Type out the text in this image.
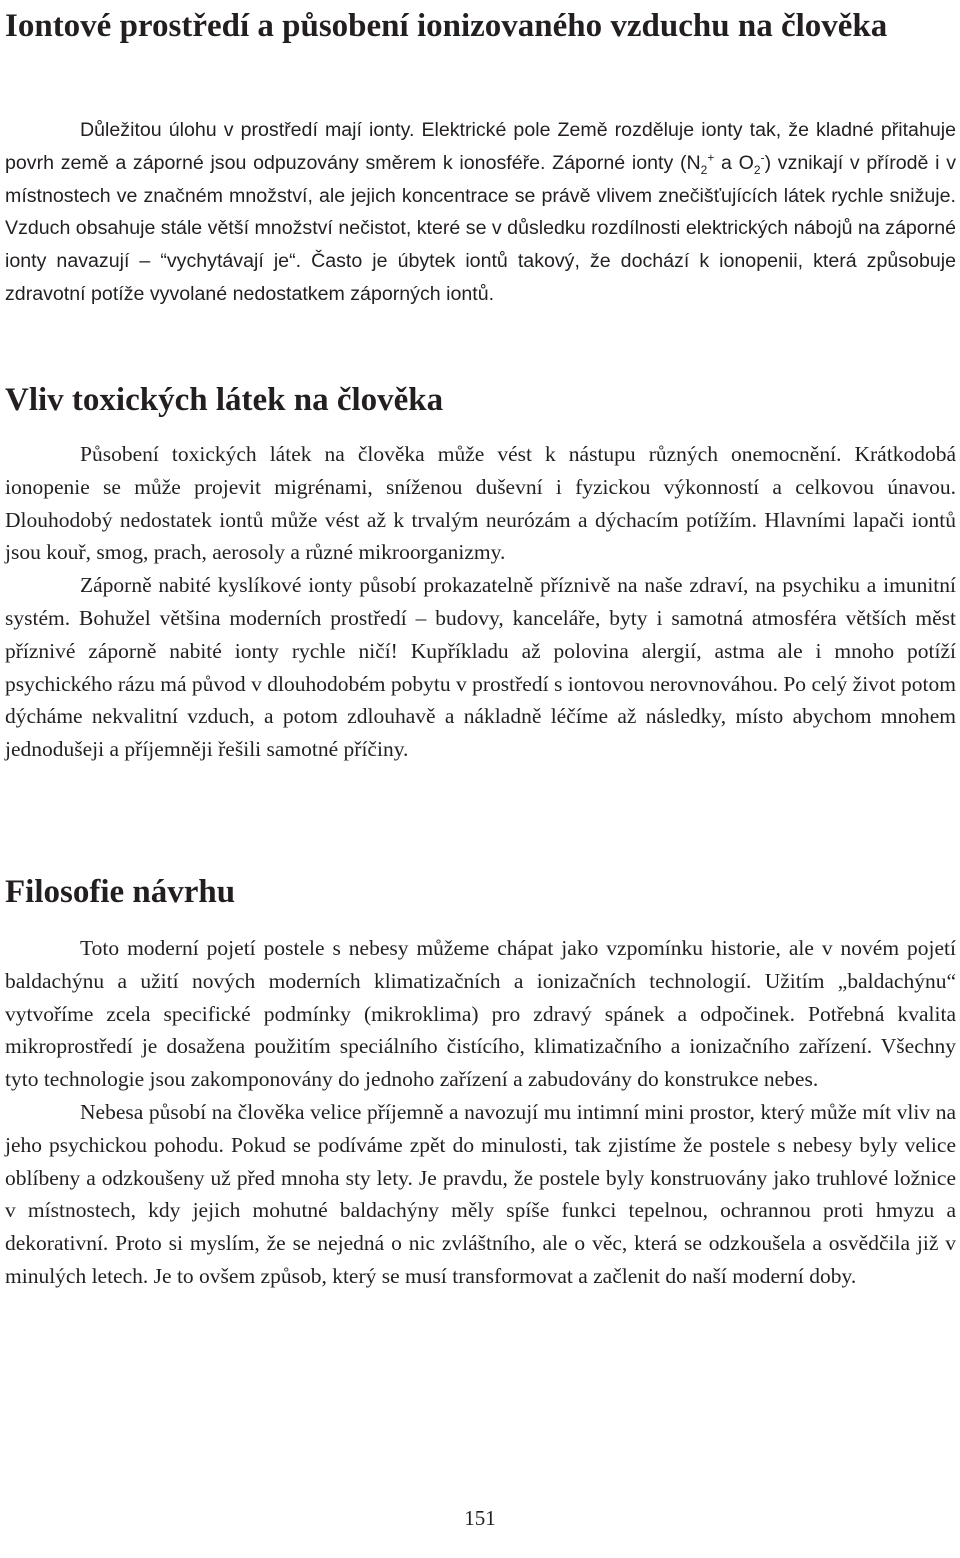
Iontové prostředí a působení ionizovaného vzduchu na člověka

Důležitou úlohu v prostředí mají ionty. Elektrické pole Země rozděluje ionty tak, že kladné přitahuje povrh země a záporné jsou odpuzovány směrem k ionosféře. Záporné ionty ($N_2^+$ a $O_2^-$) vznikají v přírodě i v místnostech ve značném množství, ale jejich koncentrace se právě vlivem znečišťujících látek rychle snižuje. Vzduch obsahuje stále větší množství nečistot, které se v důsledku rozdílnosti elektrických nábojů na záporné ionty navazují – “vychytávají je“. Často je úbytek iontů takový, že dochází k ionopenii, která způsobuje zdravotní potíže vyvolané nedostatkem záporných iontů.

Vliv toxických látek na člověka

Působení toxických látek na člověka může vést k nástupu různých onemocnění. Krátkodobá ionopenie se může projevit migrénami, sníženou duševní i fyzickou výkonností a celkovou únavou. Dlouhodobý nedostatek iontů může vést až k trvalým neurózám a dýchacím potížím. Hlavními lapači iontů jsou kouř, smog, prach, aerosoly a různé mikroorganizmy.

Záporně nabité kyslíkové ionty působí prokazatelně příznivě na naše zdraví, na psychiku a imunitní systém. Bohužel většina moderních prostředí – budovy, kanceláře, byty i samotná atmosféra větších měst příznivé záporně nabité ionty rychle ničí! Kupříkladu až polovina alergií, astma ale i mnoho potíží psychického rázu má původ v dlouhodobém pobytu v prostředí s iontovou nerovnováhou. Po celý život potom dýcháme nekvalitní vzduch, a potom zdlouhavě a nákladně léčíme až následky, místo abychom mnohem jednodušeji a příjemněji řešili samotné příčiny.

Filosofie návrhu

Toto moderní pojetí postele s nebesy můžeme chápat jako vzpomínku historie, ale v novém pojetí baldachýnu a užití nových moderních klimatizačních a ionizačních technologií. Užitím „baldachýnu“ vytvoříme zcela specifické podmínky (mikroklima) pro zdravý spánek a odpočinek. Potřebná kvalita mikroprostředí je dosažena použitím speciálního čistícího, klimatizačního a ionizačního zařízení. Všechny tyto technologie jsou zakomponovány do jednoho zařízení a zabudovány do konstrukce nebes.

Nebesa působí na člověka velice příjemně a navozují mu intimní mini prostor, který může mít vliv na jeho psychickou pohodu. Pokud se podíváme zpět do minulosti, tak zjistíme že postele s nebesy byly velice oblíbeny a odzkoušeny už před mnoha sty lety. Je pravdu, že postele byly konstruovány jako truhlové ložnice v místnostech, kdy jejich mohutné baldachýny měly spíše funkci tepelnou, ochrannou proti hmyzu a dekorativní. Proto si myslím, že se nejedná o nic zvláštního, ale o věc, která se odzkoušela a osvědčila již v minulých letech. Je to ovšem způsob, který se musí transformovat a začlenit do naší moderní doby.

151
